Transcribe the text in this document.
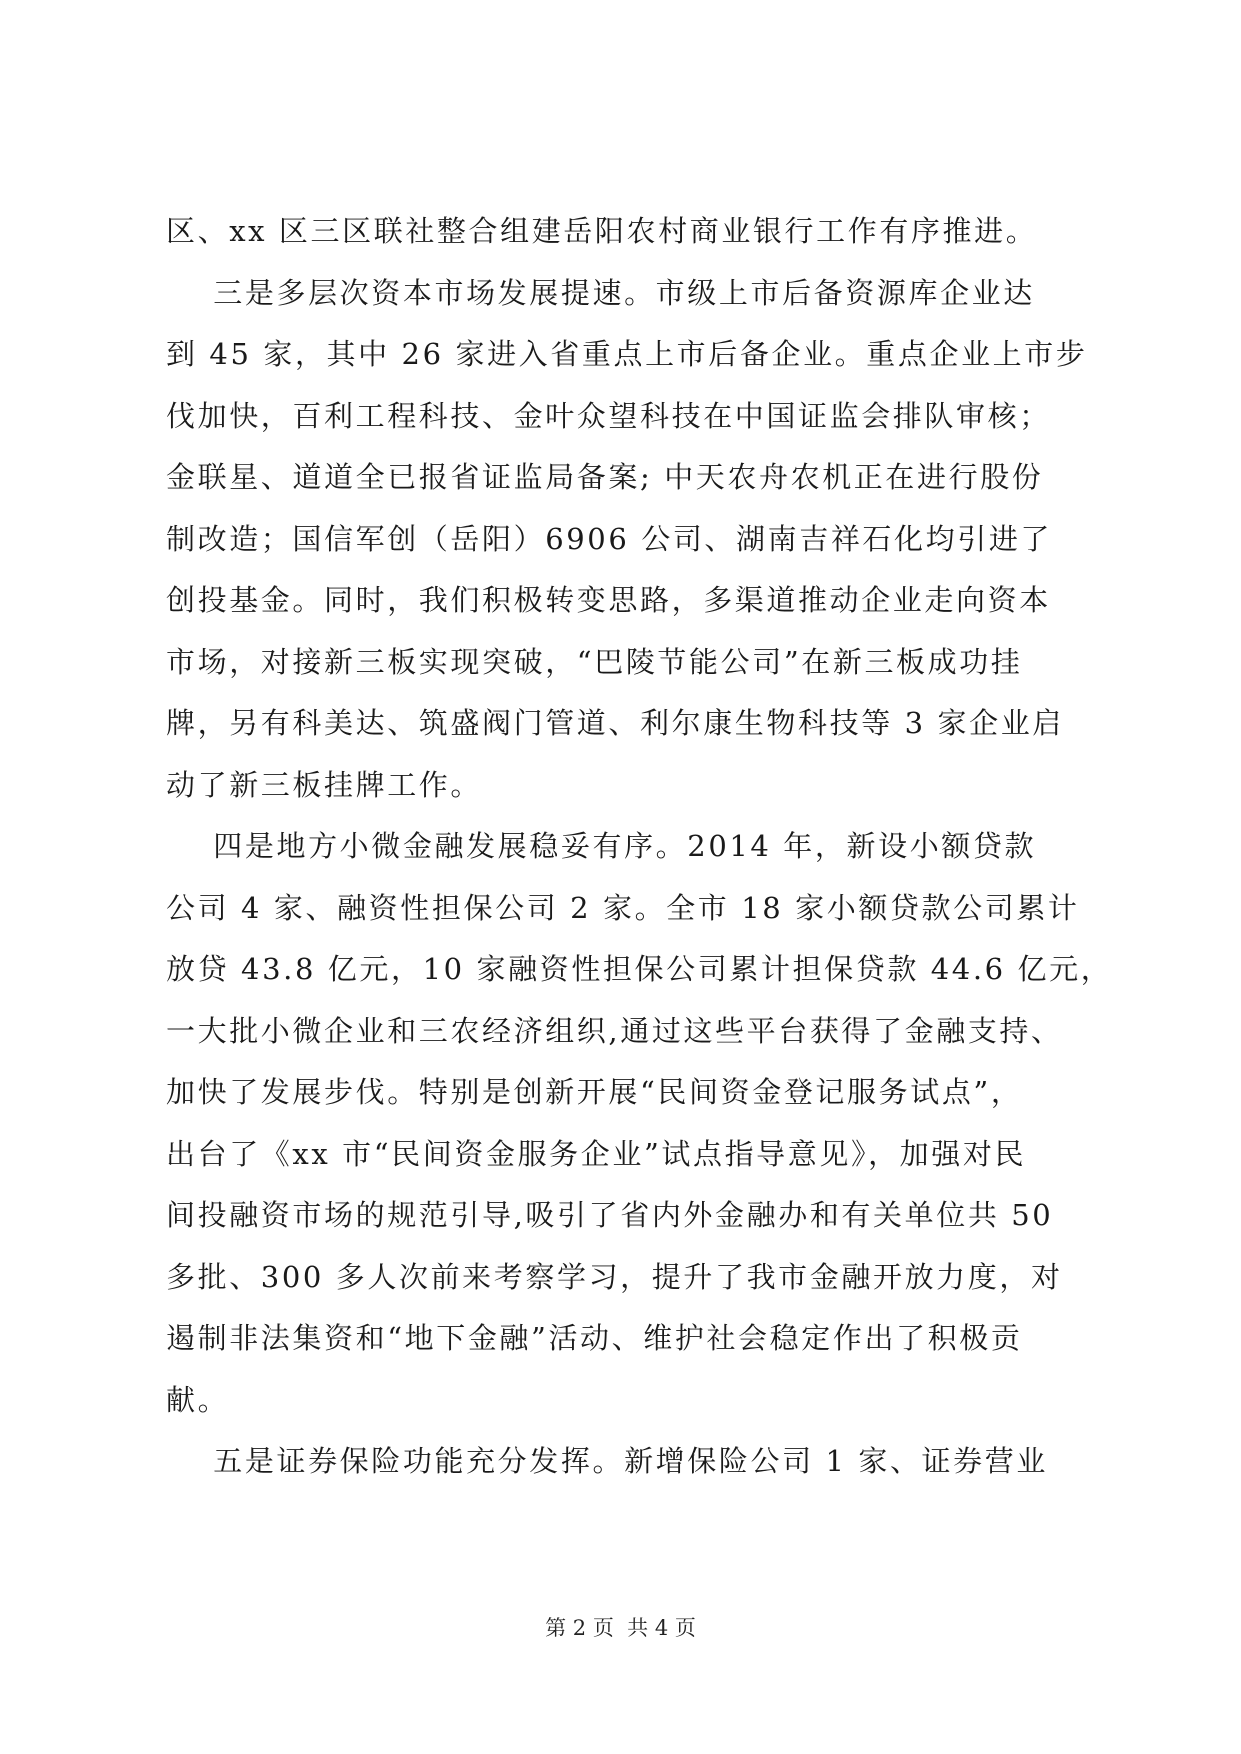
区、xx 区三区联社整合组建岳阳农村商业银行工作有序推进。
三是多层次资本市场发展提速。市级上市后备资源库企业达
到 45 家，其中 26 家进入省重点上市后备企业。重点企业上市步
伐加快，百利工程科技、金叶众望科技在中国证监会排队审核；
金联星、道道全已报省证监局备案; 中天农舟农机正在进行股份
制改造；国信军创（岳阳）6906 公司、湖南吉祥石化均引进了
创投基金。同时，我们积极转变思路，多渠道推动企业走向资本
市场，对接新三板实现突破，“巴陵节能公司”在新三板成功挂
牌，另有科美达、筑盛阀门管道、利尔康生物科技等 3 家企业启
动了新三板挂牌工作。
四是地方小微金融发展稳妥有序。2014 年，新设小额贷款
公司 4 家、融资性担保公司 2 家。全市 18 家小额贷款公司累计
放贷 43.8 亿元，10 家融资性担保公司累计担保贷款 44.6 亿元，
一大批小微企业和三农经济组织,通过这些平台获得了金融支持、
加快了发展步伐。特别是创新开展“民间资金登记服务试点”，
出台了《xx 市“民间资金服务企业”试点指导意见》，加强对民
间投融资市场的规范引导,吸引了省内外金融办和有关单位共 50
多批、300 多人次前来考察学习，提升了我市金融开放力度，对
遏制非法集资和“地下金融”活动、维护社会稳定作出了积极贡
献。
五是证券保险功能充分发挥。新增保险公司 1 家、证券营业
第 2 页  共 4 页
